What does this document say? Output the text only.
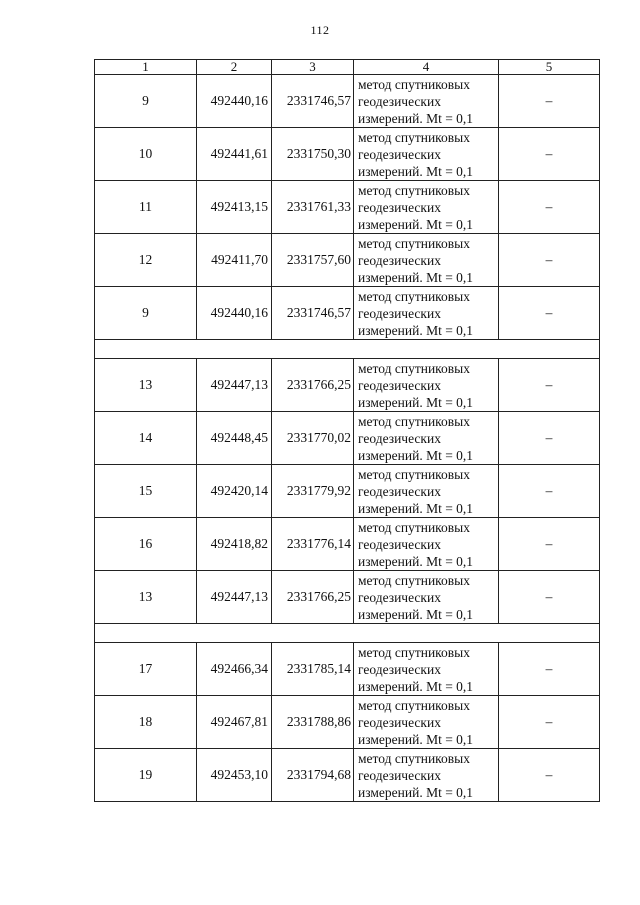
112
1	2	3	4	5
9	492440,16	2331746,57	метод спутниковых
геодезических
измерений. Mt = 0,1	–
10	492441,61	2331750,30	метод спутниковых
геодезических
измерений. Mt = 0,1	–
11	492413,15	2331761,33	метод спутниковых
геодезических
измерений. Mt = 0,1	–
12	492411,70	2331757,60	метод спутниковых
геодезических
измерений. Mt = 0,1	–
9	492440,16	2331746,57	метод спутниковых
геодезических
измерений. Mt = 0,1	–

13	492447,13	2331766,25	метод спутниковых
геодезических
измерений. Mt = 0,1	–
14	492448,45	2331770,02	метод спутниковых
геодезических
измерений. Mt = 0,1	–
15	492420,14	2331779,92	метод спутниковых
геодезических
измерений. Mt = 0,1	–
16	492418,82	2331776,14	метод спутниковых
геодезических
измерений. Mt = 0,1	–
13	492447,13	2331766,25	метод спутниковых
геодезических
измерений. Mt = 0,1	–

17	492466,34	2331785,14	метод спутниковых
геодезических
измерений. Mt = 0,1	–
18	492467,81	2331788,86	метод спутниковых
геодезических
измерений. Mt = 0,1	–
19	492453,10	2331794,68	метод спутниковых
геодезических
измерений. Mt = 0,1	–
